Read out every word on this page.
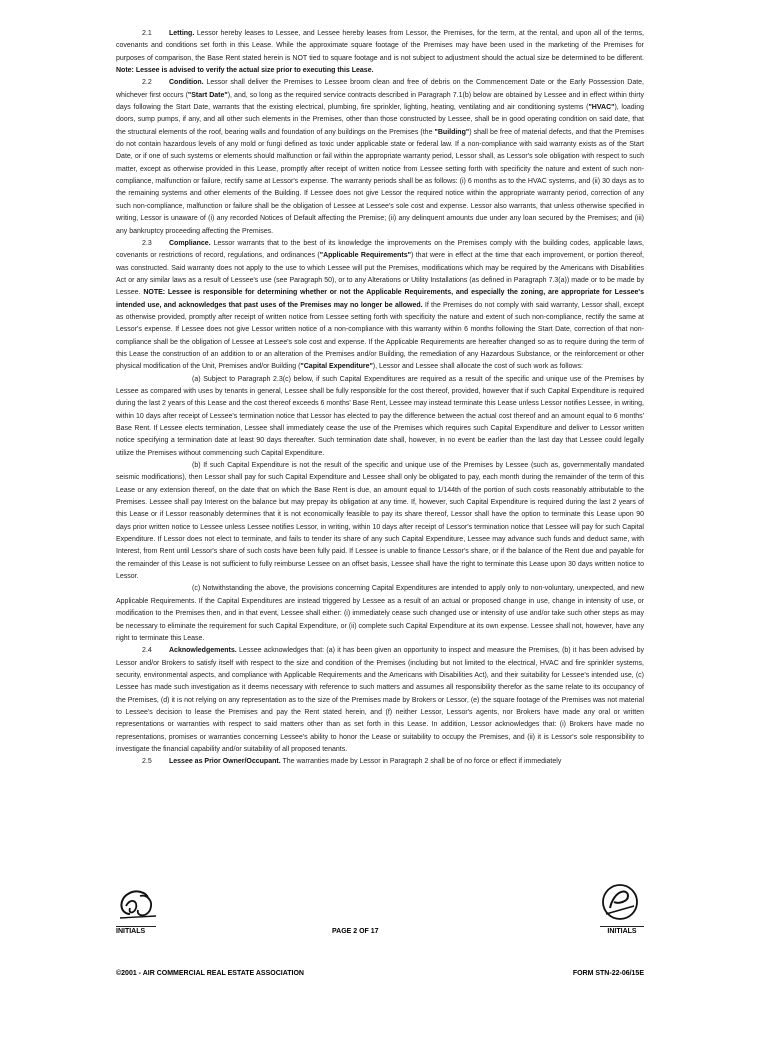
2.1 Letting. Lessor hereby leases to Lessee, and Lessee hereby leases from Lessor, the Premises, for the term, at the rental, and upon all of the terms, covenants and conditions set forth in this Lease. While the approximate square footage of the Premises may have been used in the marketing of the Premises for purposes of comparison, the Base Rent stated herein is NOT tied to square footage and is not subject to adjustment should the actual size be determined to be different. Note: Lessee is advised to verify the actual size prior to executing this Lease.

2.2 Condition. Lessor shall deliver the Premises to Lessee broom clean and free of debris on the Commencement Date or the Early Possession Date, whichever first occurs ("Start Date"), and, so long as the required service contracts described in Paragraph 7.1(b) below are obtained by Lessee and in effect within thirty days following the Start Date, warrants that the existing electrical, plumbing, fire sprinkler, lighting, heating, ventilating and air conditioning systems ("HVAC"), loading doors, sump pumps, if any, and all other such elements in the Premises, other than those constructed by Lessee, shall be in good operating condition on said date, that the structural elements of the roof, bearing walls and foundation of any buildings on the Premises (the "Building") shall be free of material defects, and that the Premises do not contain hazardous levels of any mold or fungi defined as toxic under applicable state or federal law. If a non-compliance with said warranty exists as of the Start Date, or if one of such systems or elements should malfunction or fail within the appropriate warranty period, Lessor shall, as Lessor's sole obligation with respect to such matter, except as otherwise provided in this Lease, promptly after receipt of written notice from Lessee setting forth with specificity the nature and extent of such non-compliance, malfunction or failure, rectify same at Lessor's expense. The warranty periods shall be as follows: (i) 6 months as to the HVAC systems, and (ii) 30 days as to the remaining systems and other elements of the Building. If Lessee does not give Lessor the required notice within the appropriate warranty period, correction of any such non-compliance, malfunction or failure shall be the obligation of Lessee at Lessee's sole cost and expense. Lessor also warrants, that unless otherwise specified in writing, Lessor is unaware of (i) any recorded Notices of Default affecting the Premise; (ii) any delinquent amounts due under any loan secured by the Premises; and (iii) any bankruptcy proceeding affecting the Premises.

2.3 Compliance. Lessor warrants that to the best of its knowledge the improvements on the Premises comply with the building codes, applicable laws, covenants or restrictions of record, regulations, and ordinances ("Applicable Requirements") that were in effect at the time that each improvement, or portion thereof, was constructed. Said warranty does not apply to the use to which Lessee will put the Premises, modifications which may be required by the Americans with Disabilities Act or any similar laws as a result of Lessee's use (see Paragraph 50), or to any Alterations or Utility Installations (as defined in Paragraph 7.3(a)) made or to be made by Lessee. NOTE: Lessee is responsible for determining whether or not the Applicable Requirements, and especially the zoning, are appropriate for Lessee's intended use, and acknowledges that past uses of the Premises may no longer be allowed. If the Premises do not comply with said warranty, Lessor shall, except as otherwise provided, promptly after receipt of written notice from Lessee setting forth with specificity the nature and extent of such non-compliance, rectify the same at Lessor's expense. If Lessee does not give Lessor written notice of a non-compliance with this warranty within 6 months following the Start Date, correction of that non-compliance shall be the obligation of Lessee at Lessee's sole cost and expense. If the Applicable Requirements are hereafter changed so as to require during the term of this Lease the construction of an addition to or an alteration of the Premises and/or Building, the remediation of any Hazardous Substance, or the reinforcement or other physical modification of the Unit, Premises and/or Building ("Capital Expenditure"), Lessor and Lessee shall allocate the cost of such work as follows:

(a) Subject to Paragraph 2.3(c) below, if such Capital Expenditures are required as a result of the specific and unique use of the Premises by Lessee as compared with uses by tenants in general, Lessee shall be fully responsible for the cost thereof, provided, however that if such Capital Expenditure is required during the last 2 years of this Lease and the cost thereof exceeds 6 months' Base Rent, Lessee may instead terminate this Lease unless Lessor notifies Lessee, in writing, within 10 days after receipt of Lessee's termination notice that Lessor has elected to pay the difference between the actual cost thereof and an amount equal to 6 months' Base Rent. If Lessee elects termination, Lessee shall immediately cease the use of the Premises which requires such Capital Expenditure and deliver to Lessor written notice specifying a termination date at least 90 days thereafter. Such termination date shall, however, in no event be earlier than the last day that Lessee could legally utilize the Premises without commencing such Capital Expenditure.

(b) If such Capital Expenditure is not the result of the specific and unique use of the Premises by Lessee (such as, governmentally mandated seismic modifications), then Lessor shall pay for such Capital Expenditure and Lessee shall only be obligated to pay, each month during the remainder of the term of this Lease or any extension thereof, on the date that on which the Base Rent is due, an amount equal to 1/144th of the portion of such costs reasonably attributable to the Premises. Lessee shall pay Interest on the balance but may prepay its obligation at any time. If, however, such Capital Expenditure is required during the last 2 years of this Lease or if Lessor reasonably determines that it is not economically feasible to pay its share thereof, Lessor shall have the option to terminate this Lease upon 90 days prior written notice to Lessee unless Lessee notifies Lessor, in writing, within 10 days after receipt of Lessor's termination notice that Lessee will pay for such Capital Expenditure. If Lessor does not elect to terminate, and fails to tender its share of any such Capital Expenditure, Lessee may advance such funds and deduct same, with Interest, from Rent until Lessor's share of such costs have been fully paid. If Lessee is unable to finance Lessor's share, or if the balance of the Rent due and payable for the remainder of this Lease is not sufficient to fully reimburse Lessee on an offset basis, Lessee shall have the right to terminate this Lease upon 30 days written notice to Lessor.

(c) Notwithstanding the above, the provisions concerning Capital Expenditures are intended to apply only to non-voluntary, unexpected, and new Applicable Requirements. If the Capital Expenditures are instead triggered by Lessee as a result of an actual or proposed change in use, change in intensity of use, or modification to the Premises then, and in that event, Lessee shall either: (i) immediately cease such changed use or intensity of use and/or take such other steps as may be necessary to eliminate the requirement for such Capital Expenditure, or (ii) complete such Capital Expenditure at its own expense. Lessee shall not, however, have any right to terminate this Lease.

2.4 Acknowledgements. Lessee acknowledges that: (a) it has been given an opportunity to inspect and measure the Premises, (b) it has been advised by Lessor and/or Brokers to satisfy itself with respect to the size and condition of the Premises (including but not limited to the electrical, HVAC and fire sprinkler systems, security, environmental aspects, and compliance with Applicable Requirements and the Americans with Disabilities Act), and their suitability for Lessee's intended use, (c) Lessee has made such investigation as it deems necessary with reference to such matters and assumes all responsibility therefor as the same relate to its occupancy of the Premises, (d) it is not relying on any representation as to the size of the Premises made by Brokers or Lessor, (e) the square footage of the Premises was not material to Lessee's decision to lease the Premises and pay the Rent stated herein, and (f) neither Lessor, Lessor's agents, nor Brokers have made any oral or written representations or warranties with respect to said matters other than as set forth in this Lease. In addition, Lessor acknowledges that: (i) Brokers have made no representations, promises or warranties concerning Lessee's ability to honor the Lease or suitability to occupy the Premises, and (ii) it is Lessor's sole responsibility to investigate the financial capability and/or suitability of all proposed tenants.

2.5 Lessee as Prior Owner/Occupant. The warranties made by Lessor in Paragraph 2 shall be of no force or effect if immediately

INITIALS	PAGE 2 OF 17	INITIALS
©2001 - AIR COMMERCIAL REAL ESTATE ASSOCIATION	FORM STN-22-06/15E
